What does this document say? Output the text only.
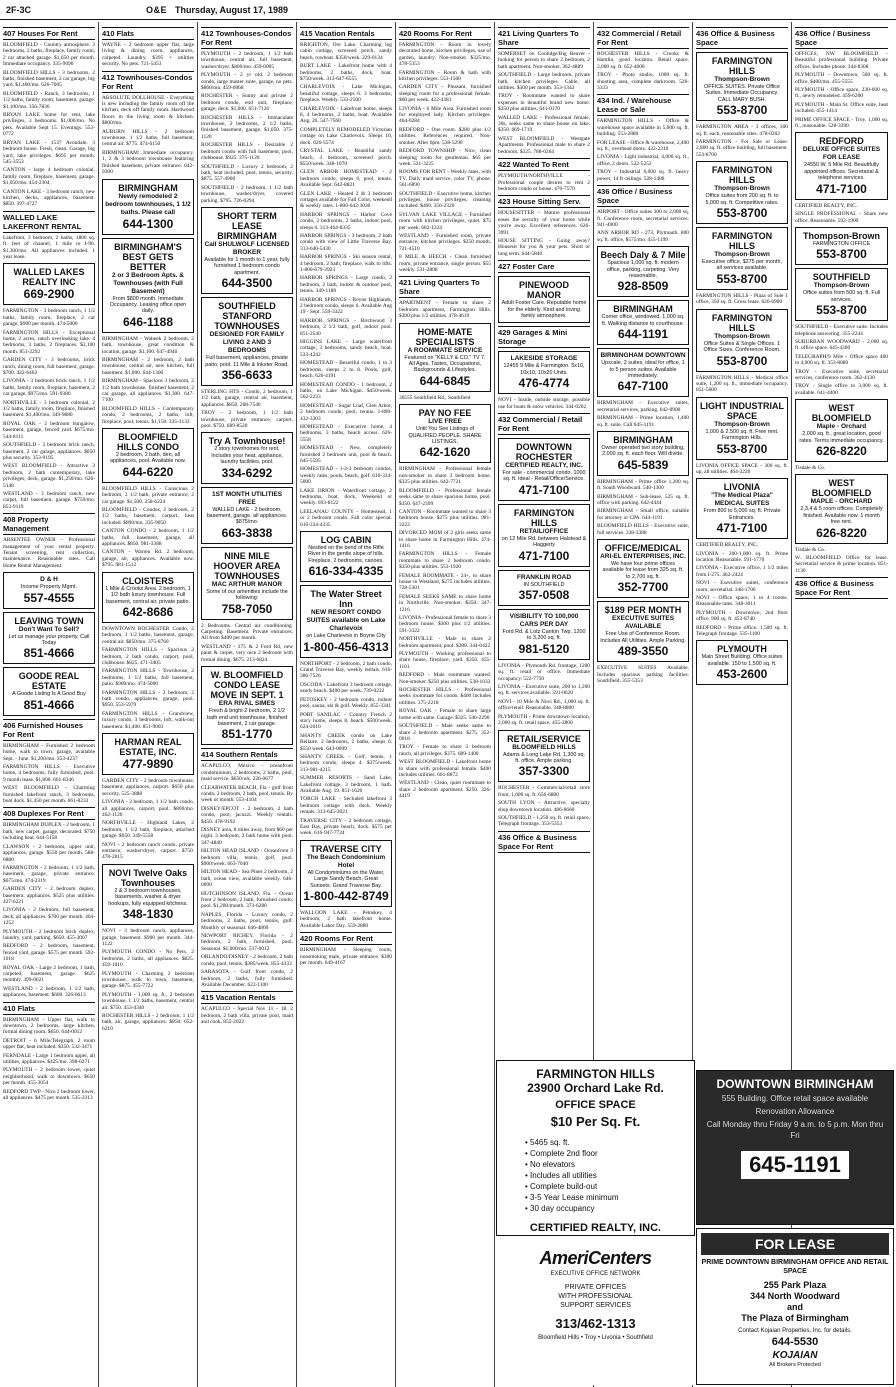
2F-3C	O&E Thursday, August 17, 1989
407 Houses For Rent
BLOOMFIELD - Country atmosphere. 3 bedrooms, 2 baths, fireplace, family room, 2 car attached garage. $1,650 per month. Immediate occupancy. 335-9090
BLOOMFIELD HILLS - 3 bedrooms, 2 baths, finished basement, 2 car garage, big yard. $1,400/mo. 626-7005
BLOOMFIELD - Ranch, 3 bedrooms, 1 1/2 baths, family room, basement, garage. $1,100/mo. 356-7836
BRYAN LAKE home for rent, lake privileges, 3 bedrooms. $1,000/mo. No pets. Available Sept 15. Evenings. 553-0772
BRYAN LAKE - 1537 Avondale. 3 bedroom house. Fresh, clean. Garage, big yard, lake privileges. $695 per month. 545-3553
CANTON - large 4 bedroom colonial, family room, fireplace, basement, garage. $1,050/mo. 454-2304
CANTON LAKE - 3 bedroom ranch, new kitchen, decks, appliances, basement. $850. 397-4727
WALLED LAKE LAKEFRONT RENTAL
Lakefront, 3 bedroom, 2 baths, 1800 sq. ft. feet of channel, 1 mile to I-96. $1,300/mo. All appliances included. 1 year lease.
WALLED LAKES REALTY INC
669-2900
FARMINGTON - 3 bedroom ranch, 1 1/2 baths, family room, fireplace, 2 car garage, $900 per month. 474-5000
FARMINGTON HILLS - Exceptional home, 2 acres, ranch overlooking lake. 4 bedrooms, 3 baths, 2 fireplaces. $2,100 month. 851-2292
GARDEN CITY - 3 bedrooms, brick ranch, dining room, full basement, garage. $700. 422-6402
LIVONIA - 3 bedroom brick ranch, 1 1/2 baths, family room, fireplace, basement, 2 car garage. $975/mo. 591-9380
NORTHVILLE - 3 bedroom colonial, 2 1/2 baths, family room, fireplace, finished basement. $1,400/mo. 349-9880
ROYAL OAK - 2 bedroom bungalow, basement, garage, fenced yard. $675/mo. 544-8111
SOUTHFIELD - 3 bedroom brick ranch, basement, 2 car garage, appliances. $850 plus security. 353-9195
WEST BLOOMFIELD - Attractive 3 bedroom, 2 bath contemporary, lake privileges, deck, garage. $1,250/mo. 626-5148
WESTLAND - 3 bedroom ranch, new carpet, full basement, garage. $750/mo. 853-9119
408 Property Management
ABSENTEE OWNER - Professional management of your rental property. Tenant screening, rent collection, maintenance. Reasonable rates. Call Home Rental Management.
D & H
Income Property Mgmt.
557-4555
LEAVING TOWN
Don't Want To Sell?
Let us manage your property. Call Today
851-4666
GOODE REAL ESTATE
A Goode Listing Is A Good Buy
851-4666
406 Furnished Houses For Rent
BIRMINGHAM - Furnished 2 bedroom home, walk to town, garage, available Sept. - June. $1,200/mo. 353-4237
FARMINGTON HILLS - Executive home, 4 bedrooms, fully furnished, pool. 9 month lease. $1,800. 661-8346
WEST BLOOMFIELD - Charming furnished lakefront ranch, 3 bedrooms, boat dock. $1,450 per month. 661-8233
408 Duplexes For Rent
BIRMINGHAM DUPLEX - 2 bedroom, 1 bath, new carpet, garage, decorated. $750 including heat. 644-5158
CLAWSON - 2 bedroom, upper unit, appliances, garage. $550 per month. 588-6880
FARMINGTON - 2 bedroom, 1 1/2 bath, basement, garage, private entrance. $675/mo. 474-2319
GARDEN CITY - 2 bedroom duplex, basement, appliances. $525 plus utilities. 427-6221
LIVONIA - 2 bedroom, full basement, deck, all appliances. $700 per month. 464-1252
PLYMOUTH - 2 bedroom brick duplex, laundry, yard, parking. $650. 455-3007
REDFORD - 2 bedroom, basement, fenced yard, garage. $575 per month. 592-1018
ROYAL OAK - Large 2 bedroom, 1 bath, carpeted, basement, garage. $625 monthly. 399-0621
WESTLAND - 2 bedroom, 1 1/2 bath, appliances, basement. $600. 326-6613
410 Flats
BIRMINGHAM - Upper flat, walk to downtown, 2 bedrooms, large kitchen, formal dining room. $650. 644-0012
DETROIT - 6 Mile/Telegraph, 2 room upper flat, heat included. $350. 532-3471
FERNDALE - Large 1 bedroom upper, all utilities, appliances. $425/mo. 398-6271
PLYMOUTH - 2 bedroom lower, quiet neighborhood, walk to downtown. $650 per month. 455-3054
REDFORD TWP - Nice 2 bedroom lower, all appliances. $475 per month. 535-2313
410 Flats
WAYNE - 2 bedroom upper flat, large living & dining room, appliances, carpeted. Laundry. $395 + utilities security. No pets. 721-5453
412 Townhouses-Condos For Rent
ABSOLUTE DOLLHOUSE - Everything is new including the family room off the kitchen, deck off family room. Hardwood floors in the living room & kitchen. $800/mo.
AUBURN HILLS - 2 bedroom townhouse, 1 1/2 baths, full basement, central air. $775. 474-6150
BIRMINGHAM: Immediate occupancy. 1, 2 & 3 bedroom townhouse featuring finished basement, private entrance. 642-9300
BIRMINGHAM
Newly remodeled 2 bedroom townhouses, 1 1/2 baths. Please call
644-1300
BIRMINGHAM'S BEST GETS BETTER
2 or 3 Bedroom Apts. & Townhouses (with Full Basement)
From $800 month. Immediate Occupancy. Leasing office open daily.
646-1188
BIRMINGHAM - Wabeek 2 bedroom, 2 bath, townhouse, great condition & location, garage. $1,100. 647-4940
BIRMINGHAM - 2 bedroom, 2 bath townhouse, central air, new kitchen, full basement. $1,000. 644-1300
BIRMINGHAM - Spacious 3 bedroom, 2 1/2 bath townhouse, finished basement, 2 car garage, all appliances. $1,300. 647-7100
BLOOMFIELD HILLS - Contemporary condo, 2 bedrooms, 2 baths, loft, fireplace, pool, tennis. $1,150. 335-3133
BLOOMFIELD HILLS CONDO
2 bedroom, 2 bath, den, all appliances, pool. Available now.
644-6220
BLOOMFIELD HILLS - Conscious 2 bedroom, 2 1/2 bath, private entrance, 2 car garage. $1,500. 258-6224
BLOOMFIELD - Condos, 2 bedroom, 2 1/2 baths, basement, carport, heat included. $890/mo. 335-9050
CANTON CONDO - 2 bedroom, 1 1/2 baths, full basement, garage, all appliances. $850. 981-3388
CANTON - Warren Rd. 2 bedroom, garage, air, appliances. Available now. $795. 981-1512
CLOISTERS
1 Mile & Crooks Area. 2 bedroom, 1 1/2 bath luxury townhouse. Full basement, central air, private patio.
642-8686
DOWNTOWN ROCHESTER Condo, 2 bedroom, 1 1/2 baths, basement, garage, central air. $850/mo. 375-8760
FARMINGTON HILLS - Spacious 2 bedroom, 2 bath condo, carport, pool, clubhouse. $825. 471-3405
FARMINGTON HILLS - Townhouse, 2 bedrooms, 1 1/2 baths, full basement, patio. $900/mo. 474-5000
FARMINGTON HILLS - 2 bedroom, 2 bath condo, appliances, garage, pool. $950. 553-5979
FARMINGTON HILLS - Grandview, luxury condo, 3 bedrooms, loft, walk-out basement. $1,400. 851-9003
HARMAN REAL ESTATE, INC.
477-9890
GARDEN CITY - 2 bedroom townhouse, basement, appliances, carport. $650 plus security. 525-3888
LIVONIA - 2 bedroom, 1 1/2 bath condo, all appliances, carport, pool. $800/mo. 462-1120
NORTHVILLE - Highland Lakes, 2 bedroom, 1 1/2 bath, fireplace, attached garage. $950. 349-5558
NOVI - 2 bedroom ranch condo, private entrance, washer/dryer, carport. $750. 478-2815
NOVI Twelve Oaks Townhouses
2 & 3 bedroom townhouses, basements, washer & dryer hookups, fully equipped kitchens.
348-1830
NOVI - 3 bedroom ranch, appliances, garage, basement. $900 per month. 344-1122
PLYMOUTH CONDO - No Pets. 2 bedrooms, 2 baths, all appliances. $825. 459-1010
PLYMOUTH - Charming 2 bedroom townhouse, walk to town, basement, garage. $875. 455-7722
PLYMOUTH - 1,000 sq. ft., 2 bedroom townhouse, 1 1/2 baths, basement, central air. $750. 453-4340
ROCHESTER HILLS - 2 bedroom, 1 1/2 bath, air, garage, appliances. $850. 652-6210
412 Townhouses-Condos For Rent
PLYMOUTH - 2 bedroom, 1 1/2 bath townhouse, central air, full basement, washer/dryer. $800/mo. 459-0005
PLYMOUTH - 2 yr old, 2 bedroom condo, large master suite, garage, no pets. $860/mo. 459-0068
ROCHESTER - Sunny and private 2 bedroom condo, end unit, fireplace, garage, deck. $1,000. 651-7126
ROCHESTER HILLS - Immaculate townhouse, 2 bedrooms, 2 1/2 baths, finished basement, garage. $1,050. 375-1120
ROCHESTER HILLS - Desirable 2 bedroom condo with full basement, pool, clubhouse. $925. 375-1120
SOUTHFIELD - Luxury 2 bedroom, 2 bath, heat included, pool, tennis, security. $875. 557-4900
SOUTHFIELD - 2 bedroom, 1 1/2 bath townhouse, washer/dryer, covered parking. $795. 726-0294
SHORT TERM LEASE BIRMINGHAM
Call SHULWOLF LICENSED BROKER
Available for 1 month to 1 year, fully furnished 1 bedroom condo apartment.
644-3500
SOUTHFIELD STANFORD TOWNHOUSES
DESIGNED FOR FAMILY LIVING 2 AND 3 BEDROOMS
Full basement, appliances, private patio, pool. 11 Mile & Inkster Road.
356-6633
STERLING HTS - Condo, 2 bedroom, 1 1/2 bath, garage, central air, basement, appliances. $850. 268-7540
TROY - 2 bedroom, 1 1/2 bath townhouse, private entrance, carport, pool. $750. 689-8520
Try A Townhouse!
2 story townhomes for rent. Includes your heat, appliance, laundry facilities, pool.
334-6292
1ST MONTH UTILITIES FREE
WALLED LAKE - 2 bedroom, basement, garage, all appliances. $875/mo.
663-3838
NINE MILE HOOVER AREA TOWNHOUSES
MAC ARTHUR MANOR
Some of our amenities include the following:
758-7050
2 Bedrooms. Central air conditioning. Carpeting. Basement. Private entrances. All from $400 per month.
WESTLAND - 375 & 2 Ford Rd, new paint & carpet, very nice 2 bedroom with formal dining. $675. 213-6824
W. BLOOMFIELD CONDO LEASE MOVE IN SEPT. 1
ERA RIVAL SIMES
Fresh & bright 2 bedroom, 2 1/2 bath end unit townhouse, finished basement, 2 car garage.
851-1770
414 Southern Rentals
ACAPULCO, Mexico - oceanfront condominium, 2 bedrooms, 2 baths, pool, maid service. $650/wk. 226-0677
CLEARWATER BEACH, Fla - gulf front condo, 2 bedroom, 2 bath, pool, tennis. By week or month. 553-4104
DISNEY/EPCOT - 2 bedroom, 2 bath condo, pool, jacuzzi. Weekly rentals. $450. 478-9192
DISNEY area, 8 miles away, from $60 per night. 3 bedroom, 2 bath home with pool. 347-4840
HILTON HEAD ISLAND - Oceanfront 3 bedroom villa, tennis, golf, pool. $900/week. 663-7040
HILTON HEAD - Sea Pines 2 bedroom, 2 bath, ocean view, available weekly. 646-0090
HUTCHINSON ISLAND, Fla. - Ocean front 2 bedroom, 2 bath, furnished condo, pool. $1,200/month. 373-6280
NAPLES, Florida - Luxury condo, 2 bedrooms, 2 baths, pool, tennis, golf. Monthly or seasonal. 646-4860
NEWPORT RICHEY, Florida - 2 bedroom, 2 bath, furnished, pool. Seasonal. $1,000/mo. 537-0012
ORLANDO/DISNEY - 2 bedroom, 2 bath condo, pool, tennis. $385/week. 855-4333
SARASOTA - Gulf front condo, 2 bedroom, 2 baths, fully furnished. Available December. 622-1100
415 Vacation Rentals
ACAPULCO - Special Nov 11 - 18. 2 bedroom, 2 bath villa, private pool, maid and cook. 855-2022
415 Vacation Rentals
BRIGHTON, Ore Lake. Charming log cabin cottage, screened porch, sandy beach, rowboat. $350/week. 229-0134
BURT LAKE - Lakefront home with 4 bedrooms, 2 baths, dock, boat. $750/week. 313-647-6555
CHARLEVOIX - Lake Michigan, beautiful cottage, sleeps 6. 3 bedrooms, fireplace. Weekly. 533-2500
CHARLEVOIX - Lakefront home, sleeps 8, 4 bedrooms, 2 baths, boat. Available Aug. 26. 547-7560
COMPLETELY REMODELED Victorian cottage on Lake Charlevoix. Sleeps 10, dock. 626-5574
CRYSTAL LAKE - Beautiful sandy beach, 3 bedroom, screened porch. $550/week. 348-1070
GLEN ARBOR HOMESTEAD - 2 bedroom condo, sleeps 6, pool, tennis. Available Sept. 642-8821
GLEN LAKE - Heated 2 & 3 bedroom cottages available for Fall Color, weekend & weekly rates. 1-800-642-3030
HARBOR SPRINGS - Harbor Cove condo, 2 bedrooms, 2 baths, indoor pool, sleeps 6. 313-464-8335
HARBOR SPRINGS - 3 bedroom, 2 bath condo with view of Little Traverse Bay. 313-640-5430
HARBOR SPRINGS - Ski season rental, 4 bedroom, 2 bath, fireplace, walk to lifts. 1-800-679-3923
HARBOR SPRINGS - Large condo, 2 bedroom, 2 bath, indoor & outdoor pool, tennis. 349-1188
HARBOR SPRINGS - Boyne Highlands, 2 bedroom condo, sleeps 6. Available Aug 19 - Sept. 559-3322
HARBOR SPRINGS - Birchwood 3 bedroom, 2 1/2 bath, golf, indoor pool. 851-2540
HIGGINS LAKE - Large waterfront cottage, 3 bedrooms, sandy beach, boat. 533-4242
HOMESTEAD - Beautiful condo, 1 to 3 bedrooms, sleeps 2 to 8. Pools, golf, beach. 626-4191
HOMESTEAD CONDO - 1 bedroom, 2 baths, on Lake Michigan. $450/week. 562-2233
HOMESTEAD - Sugar Loaf, Glen Arbor, 2 bedroom condo, pool, tennis. 1-800-432-3303
HOMESTEAD - Executive home, 4 bedrooms, 3 baths, beach access. 626-5558
HOMESTEAD - New, completely furnished 2 bedroom unit, pool & beach. 645-5595
HOMESTEAD - 1-2-3 bedroom condos, weekly rates, pools, beach, golf. 616-334-5000
LAKE ORION - Waterfront cottage, 2 bedrooms, boat, dock. Weekend or weekly. 693-8122
LEELANAU COUNTY - Homestead, 1 or 2 bedroom condo. Fall color special. 616-334-4335
LOG CABIN
Nestled on the bend of the Rifle River in the gentle slope of hills. Fireplace, 2 bedrooms, canoes.
616-334-4335
The Water Street Inn
NEW RESORT CONDO SUITES available on Lake Charlevoix
on Lake Charlevoix in Boyne City
1-800-456-4313
NORTHPORT - 2 bedroom, 2 bath condo, Grand Traverse Bay, weekly rentals. 616-386-7526
OSCODA - Lakefront 3 bedroom cottage, sandy beach. $400 per week. 739-0232
PETOSKEY - 2 bedroom condo, indoor pool, sauna, ski & golf. Weekly. 855-3341
PORT SANILAC - Country French 2 story home, sleeps 8, beach. $500/week. 624-2010
SHANTY CREEK condo on Lake Bellaire. 2 bedrooms, 2 baths, sleeps 6. $550 week. 643-0099
SHANTY CREEK - Golf, tennis, 1 bedroom condo, sleeps 4. $375/week. 313-981-4215
SUMMER RESORTS - Sand Lake, Lakefront cottage, 3 bedroom, 1 bath. Available Aug. 19. 851-1620
TORCH LAKE - Secluded lakefront 3 bedroom cottage with dock. Weekly rentals. 313-645-2021
TRAVERSE CITY - 2 bedroom cottage, East Bay, private beach, dock. $575 per week. 616-947-7724
TRAVERSE CITY
The Beach Condominium Hotel
All Condominiums on the Water, Large Sandy Beach, Great Sunsets. Grand Traverse Bay.
1-800-442-8749
WALLOON LAKE - Petoskey, 4 bedroom, 2 bath lakefront home. Available Labor Day. 559-2880
420 Rooms For Rent
BIRMINGHAM - Sleeping room, nonsmoking male, private entrance. $300 per month. 649-4167
420 Rooms For Rent
FARMINGTON - Room in lovely decorated home, kitchen privileges, use of garden, laundry. Non-smoker. $325/mo. 478-5353
FARMINGTON - Room & bath with kitchen privileges. 553-1500
GARDEN CITY - Pleasant, furnished sleeping room for a professional female. $60 per week. 422-4381
LIVONIA - 6 Mile Area. Furnished room for employed lady. Kitchen privileges. 464-0284
REDFORD - One room. $280 plus 1/2 utilities. References required. Non-smoker. After 6pm. 538-5290
REDFORD TOWNSHIP - Nice, clean sleeping room for gentleman. $65 per week. 531-3225
ROOMS FOR RENT - Weekly rates, with TV. Daily maid service, color TV, phone. 561-6890
SOUTHFIELD - Executive home, kitchen privileges, house privileges, cleaning included. $400. 356-2320
SYLVAN LAKE VILLAGE - Furnished room with kitchen privileges, quiet. $75 per week. 682-1224
WESTLAND - Furnished room, private entrance, kitchen privileges. $250 month. 721-4510
8 MILE & BEECH - Clean furnished room, private entrance, single person. $55 weekly. 531-2808
421 Living Quarters To Share
APARTMENT - Female to share 2 bedroom apartment, Farmington Hills. $300 plus 1/2 utilities. 478-4619
HOME-MATE SPECIALISTS
A ROOMMATE SERVICE
Featured on "KELLY & CO." TV 7. All Ages, Tastes, Occupations, Backgrounds & Lifestyles.
644-6845
30555 Southfield Rd., Southfield
PAY NO FEE
LIVE FREE
Until You See Listings of QUALIFIED PEOPLE. SHARE LISTINGS.
642-1620
BIRMINGHAM - Professional female non-smoker to share 3 bedroom home. $325 plus utilities. 642-7721
BLOOMFIELD - Professional female seeks same to share spacious home, pool. $350. 647-2399
CANTON - Roommate wanted to share 3 bedroom house. $275 plus utilities. 981-3222
DIVORCED MOM of 2 girls seeks same to share home in Farmington Hills. 474-1416
FARMINGTON HILLS - Female roommate to share 2 bedroom condo. $350 plus utilities. 553-1920
FEMALE ROOMMATE - 24+, to share house in Westland, $275 includes utilities. 728-5301
FEMALE SEEKS SAME to share home in Northville. Non-smoker. $350. 347-1216
LIVONIA - Professional female to share 3 bedroom house. $300 plus 1/2 utilities. 591-3322
NORTHVILLE - Male to share 2 bedroom apartment, pool. $300. 344-0422
PLYMOUTH - Working professional to share house, fireplace, yard. $350. 455-1101
REDFORD - Male roommate wanted. Non-smoker. $250 plus utilities. 538-1033
ROCHESTER HILLS - Professional seeks roommate for condo. $400 includes utilities. 375-2218
ROYAL OAK - Female to share large home with same. Garage. $325. 546-2290
SOUTHFIELD - Male seeks same to share 2 bedroom apartment. $275. 352-0018
TROY - Female to share 3 bedroom ranch, all privileges. $375. 689-1400
WEST BLOOMFIELD - Lakefront home to share with professional female. $400 includes utilities. 661-8872
WESTLAND - Clean, quiet roommate to share 2 bedroom apartment. $250. 326-4419
421 Living Quarters To Share
SOMERSET on Coolidge/Big Beaver - looking for person to share 2 bedroom, 2 bath apartment. Non-smoker. 362-4889
SOUTHFIELD - Large bedroom, private bath, kitchen privileges. Cable, all utilities. $300 per month. 353-1343
TROY - Roommate wanted to share expenses in beautiful brand new home. $350 plus utilities. 641-0170
WALLED LAKE - Professional female, 30s, seeks same to share house on lake. $350. 669-1719
WEST BLOOMFIELD - Westgate Apartments. Professional male to share 2 bedroom. $325. 788-0264
422 Wanted To Rent
PLYMOUTH/NORTHVILLE - Professional couple desires to rent 2 bedroom condo or house. 470-7570
423 House Sitting Serv.
HOUSESITTER - Mature professional eases the security of your home while you're away. Excellent references. 626-3991
HOUSE SITTING - Going away? Housesit for you & your pets. Short or long term. 644-5840
427 Foster Care
PINEWOOD MANOR
Adult Foster Care. Reputable home for the elderly. Kind and loving family atmosphere.
429 Garages & Mini Storage
LAKESIDE STORAGE
12455 9 Mile & Farmington. 5x10, 10x10, 10x20 Units.
476-4774
NOVI - Inside, outside storage, possible use for boats & snow vehicles. 344-0202
432 Commercial / Retail For Rent
DOWNTOWN ROCHESTER
CERTIFIED REALTY, INC.
For sale - commercial condo. 1000 sq. ft. Ideal - Retail/Office/Service.
471-7100
FARMINGTON HILLS
RETAIL/OFFICE
on 12 Mile Rd. between Halstead & Haggerty
471-7100
FRANKLIN ROAD
IN SOUTHFIELD
357-0508
VISIBILITY TO 100,000 CARS PER DAY
Ford Rd. & Lotz Canton Twp. 1200 to 3,200 sq. ft.
981-5120
LIVONIA - Plymouth Rd. frontage, 1200 sq. ft. retail or office. Immediate occupancy. 522-7730
LIVONIA - Executive suite, 200 to 1,200 sq. ft. services available. 591-0620
NOVI - 10 Mile & Novi Rd., 1,000 sq. ft. office/retail. Reasonable. 348-8800
PLYMOUTH - Prime downtown location, 2,000 sq. ft. retail space. 455-2800
RETAIL/SERVICE
BLOOMFIELD HILLS
Adams & Long Lake Rd. 1,300 sq. ft. office. Ample parking.
357-3300
ROCHESTER - Commercial/retail store front, 1,600 sq. ft. 656-6880
SOUTH LYON - Attractive, specialty shop downtown location. 486-6660
SOUTHFIELD - 1,250 sq. ft. retail space, Telegraph frontage. 353-5353
436 Office & Business Space For Rent
432 Commercial / Retail For Rent
ROCHESTER HILLS - Crooks & Hamlin, good location. Retail space. 2,000 sq. ft. 652-4000
TROY - Photo studio, 1000 sq. ft. shooting area, complete darkroom. 528-3333
434 Ind. / Warehouse Lease or Sale
FARMINGTON HILLS - Office & warehouse space available in 5,000 sq. ft. building. 553-2880
FOR LEASE - Office & warehouse, 2,400 sq. ft., overhead doors. 422-2310
LIVONIA - Light industrial, 4,000 sq. ft., office, 2 doors. 522-5252
TROY - Industrial 6,000 sq. ft. heavy power, 14 ft ceilings. 528-1488
436 Office / Business Space
AIRPORT - Office suites 300 to 2,000 sq. ft. Conference room, secretarial services. 941-4000
ANN ARBOR RD - 273, Plymouth. 800 sq. ft. office, $575/mo. 455-1199
Beech Daly & 7 Mile
Spacious 1,000 sq. ft. modern office, parking, carpeting. Very reasonable.
928-8509
BIRMINGHAM
Corner office, windowed, 1,000 sq. ft. Walking distance to courthouse.
644-1191
BIRMINGHAM DOWNTOWN
Upscale, 2 suites, ideal for office, 1 to 5 person suites. Available immediately.
647-7100
BIRMINGHAM - Executive suites, secretarial services, parking. 642-0900
BIRMINGHAM - Prime location, 1,400 sq. ft. suite. Call 645-1191
BIRMINGHAM
Owner operated two story building, 2,000 sq. ft. each floor. Will divide.
645-5839
BIRMINGHAM - Prime office 1,200 sq. ft. South Woodward. 540-1300
BIRMINGHAM - Sub-lease, 525 sq. ft. office with parking. 642-4444
BIRMINGHAM - Small office, suitable for attorney or CPA. 644-1191
BLOOMFIELD HILLS - Executive suite, full services. 338-3388
OFFICE/MEDICAL
ARI-EL ENTERPRISES, INC.
We have four prime offices available for lease from 325 sq. ft. to 2,700 sq. ft.
352-7700
$189 PER MONTH
EXECUTIVE SUITES AVAILABLE
Free Use of Conference Room. Includes All Utilities. Ample Parking.
489-3550
EXECUTIVE SUITES Available. Includes spacious parking facilities. Southfield. 355-5353
436 Office & Business Space
FARMINGTON HILLS
Thompson-Brown
OFFICE SUITES. Private Office Suites. Immediate Occupancy. CALL MARY BUSH.
553-8700
FARMINGTON AREA - 3 offices, 300 sq. ft. each, reasonable rates. 478-0202
FARMINGTON - For Sale or Lease. 2,800 sq. ft. office building, full basement. 553-8700
FARMINGTON HILLS
Thompson-Brown
Office suites from 200 sq. ft. to 5,000 sq. ft. Competitive rates.
553-8700
FARMINGTON HILLS
Thompson-Brown
Executive office, $275 per month, all services available.
553-8700
FARMINGTON HILLS - Plaza of Sole 1 office, 350 sq. ft. Gross lease. 626-6900
FARMINGTON HILLS
Thompson-Brown
Office Suites & Single Offices. 1 Office Sizes. Conference Room.
553-8700
FARMINGTON HILLS - Medical office suite, 1,200 sq. ft., immediate occupancy. 851-5000
LIGHT INDUSTRIAL SPACE
Thompson-Brown
1,000 & 2,500 sq. ft. Free rent. Farmington Hills.
553-8700
LIVONIA OFFICE SPACE - 300 sq. ft. up, all utilities. 464-2220
LIVONIA
"The Medical Plaza" MEDICAL SUITES
From 800 to 5,000 sq. ft. Private Entrances.
471-7100
CERTIFIED REALTY, INC.
LIVONIA - 200-1,000 sq. ft. Prime location. Reasonable. 591-1770
LIVONIA - Executive office, 1 1/2 miles from I-275. 462-2424
NOVI - Executive suites, conference room, secretarial. 348-1700
NOVI - Office space, 1 to 4 rooms. Reasonable rates. 348-3011
PLYMOUTH - Downtown, 2nd floor office, 900 sq. ft. 453-8740
REDFORD - Prime office. 1,500 sq. ft. Telegraph frontage. 535-1100
PLYMOUTH
Main Street Building. Office suites available. 150 to 1,500 sq. ft.
453-2600
436 Office / Business Space
OFFICES, NW. BLOOMFIELD - Beautiful professional building. Private offices. Includes phone. 344-8308
PLYMOUTH - Downtown, 500 sq. ft. office, $400/mo. 455-5555
PLYMOUTH - Office space, 230-600 sq. ft., newly remodeled. 459-6200
PLYMOUTH - Main St. Office suite, heat included. 455-1414
PRIME OFFICE SPACE - Troy. 1,000 sq. ft., reasonable. 528-3390
REDFORD
DELUXE OFFICE SUITES FOR LEASE
24550 W. 5 Mile Rd. Beautifully appointed offices. Secretarial & telephone services.
471-7100
CERTIFIED REALTY, INC.
SINGLE PROFESSIONAL - Share new office. Reasonable. 592-1900
Thompson-Brown
FARMINGTON OFFICE
553-8700
SOUTHFIELD
Thompson-Brown
Office suites from 500 sq. ft. Full services.
553-8700
SOUTHFIELD - Executive suite. Includes telephone answering. 355-2244
SUBURBAN WOODWARD - 2,000 sq. ft. office space. 645-4300
TELEGRAPH/9 Mile - Office space 400 to 4,000 sq. ft. 353-8080
TROY - Executive suite, secretarial services, conference room. 362-4130
TROY - Single office to 3,000 sq. ft. available. 641-4400
WEST BLOOMFIELD
Maple - Orchard
2,000 sq. ft., great location, good rates. Terms immediate occupancy.
626-8220
Tisdale & Co.
WEST BLOOMFIELD
MAPLE - ORCHARD
2,3,4 & 5 room offices. Completely finished. Available now. 1 month free rent.
626-8220
Tisdale & Co.
W. BLOOMFIELD Office for lease. Secretarial service & prime location. 851-1130
436 Office & Business Space For Rent
FARMINGTON HILLS
23900 Orchard Lake Rd.
OFFICE SPACE
$10 Per Sq. Ft.
• 5465 sq. ft.
• Complete 2nd floor
• No elevators
• Includes all utilities
• Complete build-out
• 3-5 Year Lease minimum
• 30 day occupancy
CERTIFIED REALTY, INC.
AmeriCenters
EXECUTIVE OFFICE NETWORK
PRIVATE OFFICES
WITH PROFESSIONAL
SUPPORT SERVICES
313/462-1313
Bloomfield Hills • Troy • Livonia • Southfield
DOWNTOWN BIRMINGHAM
555 Building. Office retail space available
Renovation Allowance
Call Monday thru Friday 9 a.m. to 5 p.m. Mon thru Fri
645-1191
FOR LEASE
PRIME DOWNTOWN BIRMINGHAM OFFICE AND RETAIL SPACE
255 Park Plaza
344 North Woodward
and
The Plaza of Birmingham
Contact Kojaian Properties, Inc. for details.
644-5530
KOJAIAN
All Brokers Protected
